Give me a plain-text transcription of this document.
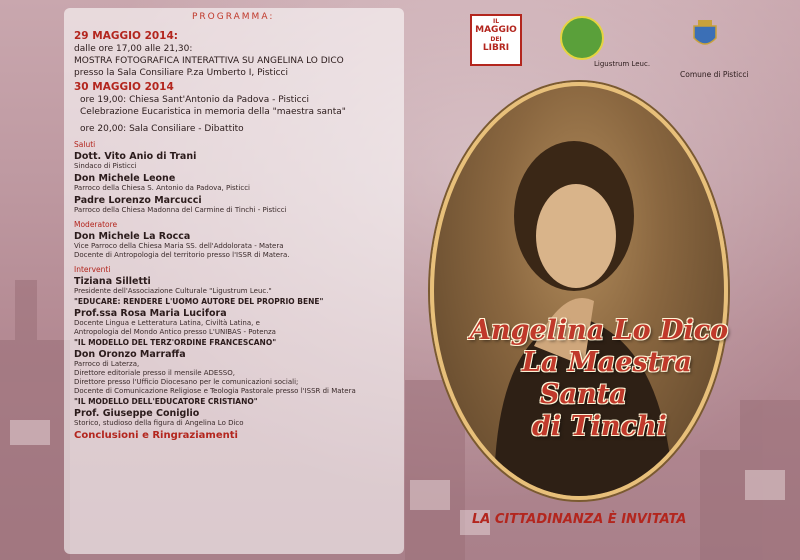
PROGRAMMA:
29 MAGGIO 2014:
dalle ore 17,00 alle 21,30:
MOSTRA FOTOGRAFICA INTERATTIVA SU ANGELINA LO DICO
presso la Sala Consiliare P.za Umberto I, Pisticci
30 MAGGIO 2014
ore 19,00: Chiesa Sant'Antonio da Padova - Pisticci
Celebrazione Eucaristica in memoria della "maestra santa"
ore 20,00: Sala Consiliare - Dibattito
Saluti
Dott. Vito Anio di Trani
Sindaco di Pisticci
Don Michele Leone
Parroco della Chiesa S. Antonio da Padova, Pisticci
Padre Lorenzo Marcucci
Parroco della Chiesa Madonna del Carmine di Tinchi - Pisticci
Moderatore
Don Michele La Rocca
Vice Parroco della Chiesa Maria SS. dell'Addolorata - Matera
Docente di Antropologia del territorio presso l'ISSR di Matera.
Interventi
Tiziana Silletti
Presidente dell'Associazione Culturale "Ligustrum Leuc."
"EDUCARE: RENDERE L'UOMO AUTORE DEL PROPRIO BENE"
Prof.ssa Rosa Maria Lucifora
Docente Lingua e Letteratura Latina, Civiltà Latina, e
Antropologia del Mondo Antico presso L'UNIBAS - Potenza
"IL MODELLO DEL TERZ'ORDINE FRANCESCANO"
Don Oronzo Marraffa
Parroco di Laterza,
Direttore editoriale presso il mensile ADESSO,
Direttore presso l'Ufficio Diocesano per le comunicazioni sociali;
Docente di Comunicazione Religiose e Teologia Pastorale presso l'ISSR di Matera
"IL MODELLO DELL'EDUCATORE CRISTIANO"
Prof. Giuseppe Coniglio
Storico, studioso della figura di Angelina Lo Dico
Conclusioni e Ringraziamenti
IL
MAGGIO
DEI
LIBRI
Ligustrum Leuc.
Comune di Pisticci
Angelina Lo Dico
La Maestra
Santa
di Tinchi
LA CITTADINANZA È INVITATA
